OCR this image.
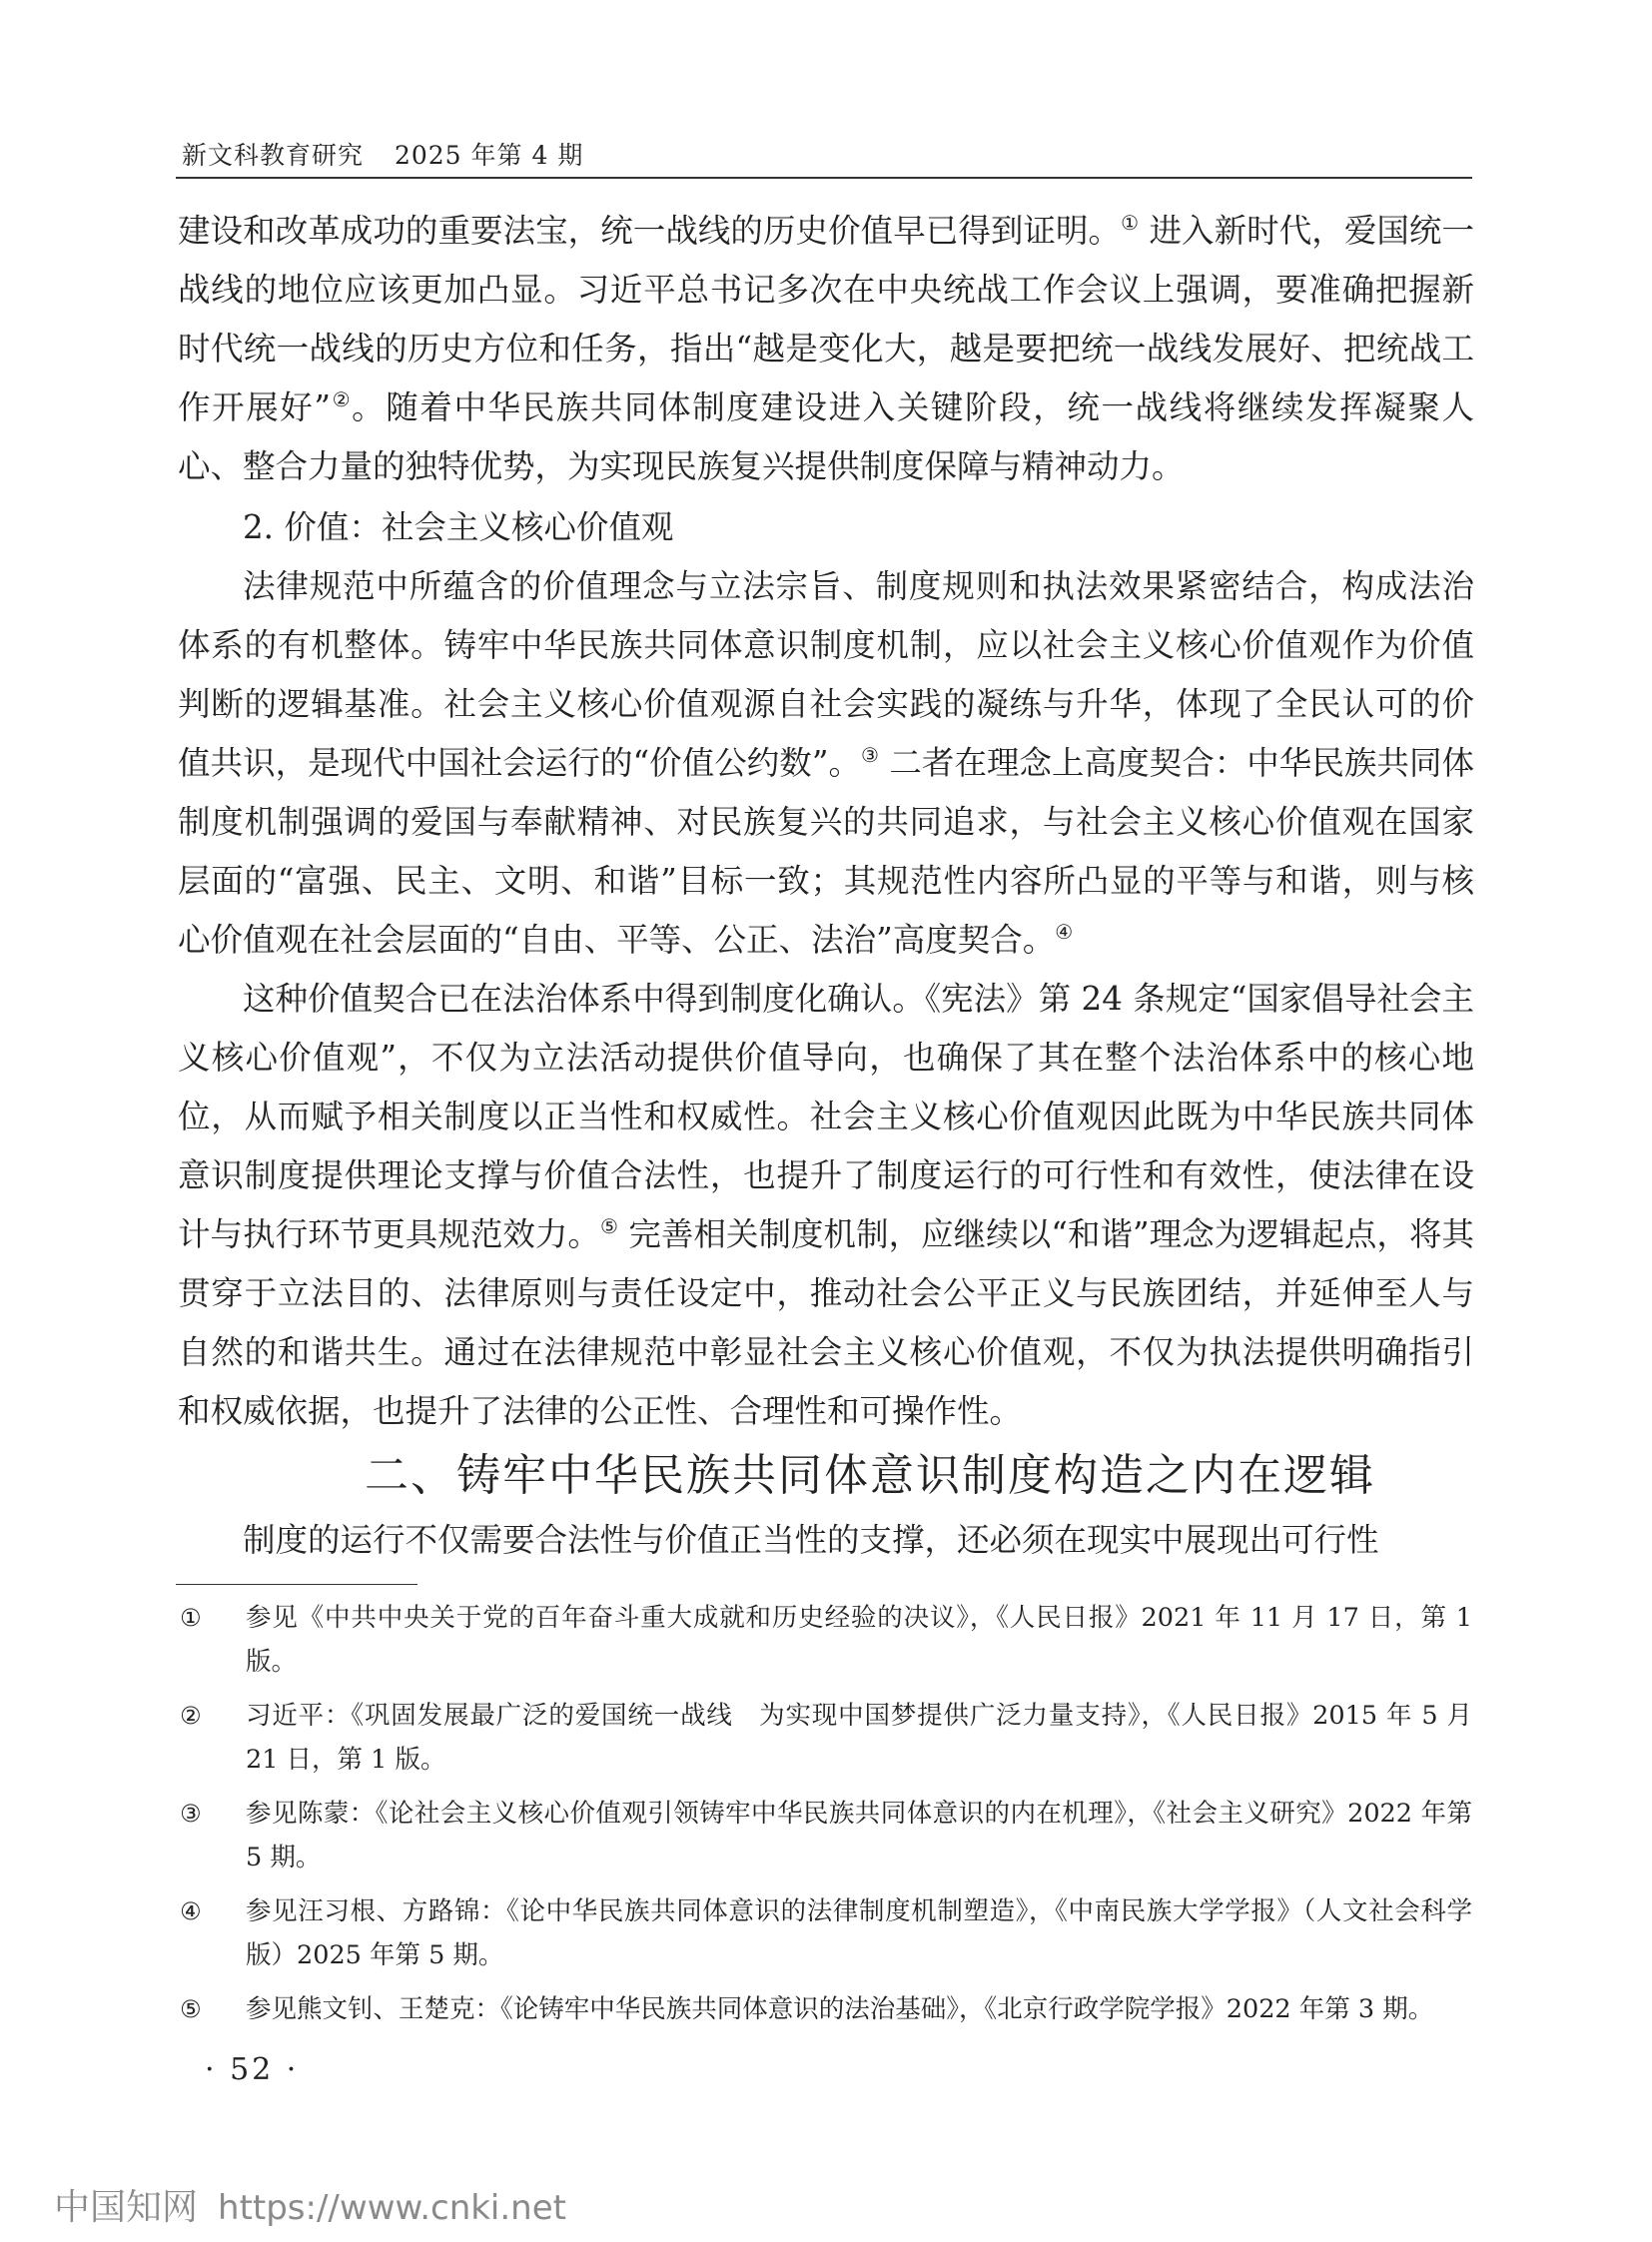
新文科教育研究 2025 年第 4 期

建设和改革成功的重要法宝，统一战线的历史价值早已得到证明。① 进入新时代，爱国统一战线的地位应该更加凸显。习近平总书记多次在中央统战工作会议上强调，要准确把握新时代统一战线的历史方位和任务，指出“越是变化大，越是要把统一战线发展好、把统战工作开展好”②。随着中华民族共同体制度建设进入关键阶段，统一战线将继续发挥凝聚人心、整合力量的独特优势，为实现民族复兴提供制度保障与精神动力。

2. 价值：社会主义核心价值观

法律规范中所蕴含的价值理念与立法宗旨、制度规则和执法效果紧密结合，构成法治体系的有机整体。铸牢中华民族共同体意识制度机制，应以社会主义核心价值观作为价值判断的逻辑基准。社会主义核心价值观源自社会实践的凝练与升华，体现了全民认可的价值共识，是现代中国社会运行的“价值公约数”。③ 二者在理念上高度契合：中华民族共同体制度机制强调的爱国与奉献精神、对民族复兴的共同追求，与社会主义核心价值观在国家层面的“富强、民主、文明、和谐”目标一致；其规范性内容所凸显的平等与和谐，则与核心价值观在社会层面的“自由、平等、公正、法治”高度契合。④

这种价值契合已在法治体系中得到制度化确认。《宪法》第 24 条规定“国家倡导社会主义核心价值观”，不仅为立法活动提供价值导向，也确保了其在整个法治体系中的核心地位，从而赋予相关制度以正当性和权威性。社会主义核心价值观因此既为中华民族共同体意识制度提供理论支撑与价值合法性，也提升了制度运行的可行性和有效性，使法律在设计与执行环节更具规范效力。⑤ 完善相关制度机制，应继续以“和谐”理念为逻辑起点，将其贯穿于立法目的、法律原则与责任设定中，推动社会公平正义与民族团结，并延伸至人与自然的和谐共生。通过在法律规范中彰显社会主义核心价值观，不仅为执法提供明确指引和权威依据，也提升了法律的公正性、合理性和可操作性。

二、铸牢中华民族共同体意识制度构造之内在逻辑

制度的运行不仅需要合法性与价值正当性的支撑，还必须在现实中展现出可行性

①	参见《中共中央关于党的百年奋斗重大成就和历史经验的决议》，《人民日报》2021 年 11 月 17 日，第 1 版。
②	习近平：《巩固发展最广泛的爱国统一战线　为实现中国梦提供广泛力量支持》，《人民日报》2015 年 5 月 21 日，第 1 版。
③	参见陈蒙：《论社会主义核心价值观引领铸牢中华民族共同体意识的内在机理》，《社会主义研究》2022 年第 5 期。
④	参见汪习根、方路锦：《论中华民族共同体意识的法律制度机制塑造》，《中南民族大学学报》（人文社会科学版）2025 年第 5 期。
⑤	参见熊文钊、王楚克：《论铸牢中华民族共同体意识的法治基础》，《北京行政学院学报》2022 年第 3 期。
· 52 ·
中国知网 https://www.cnki.net
